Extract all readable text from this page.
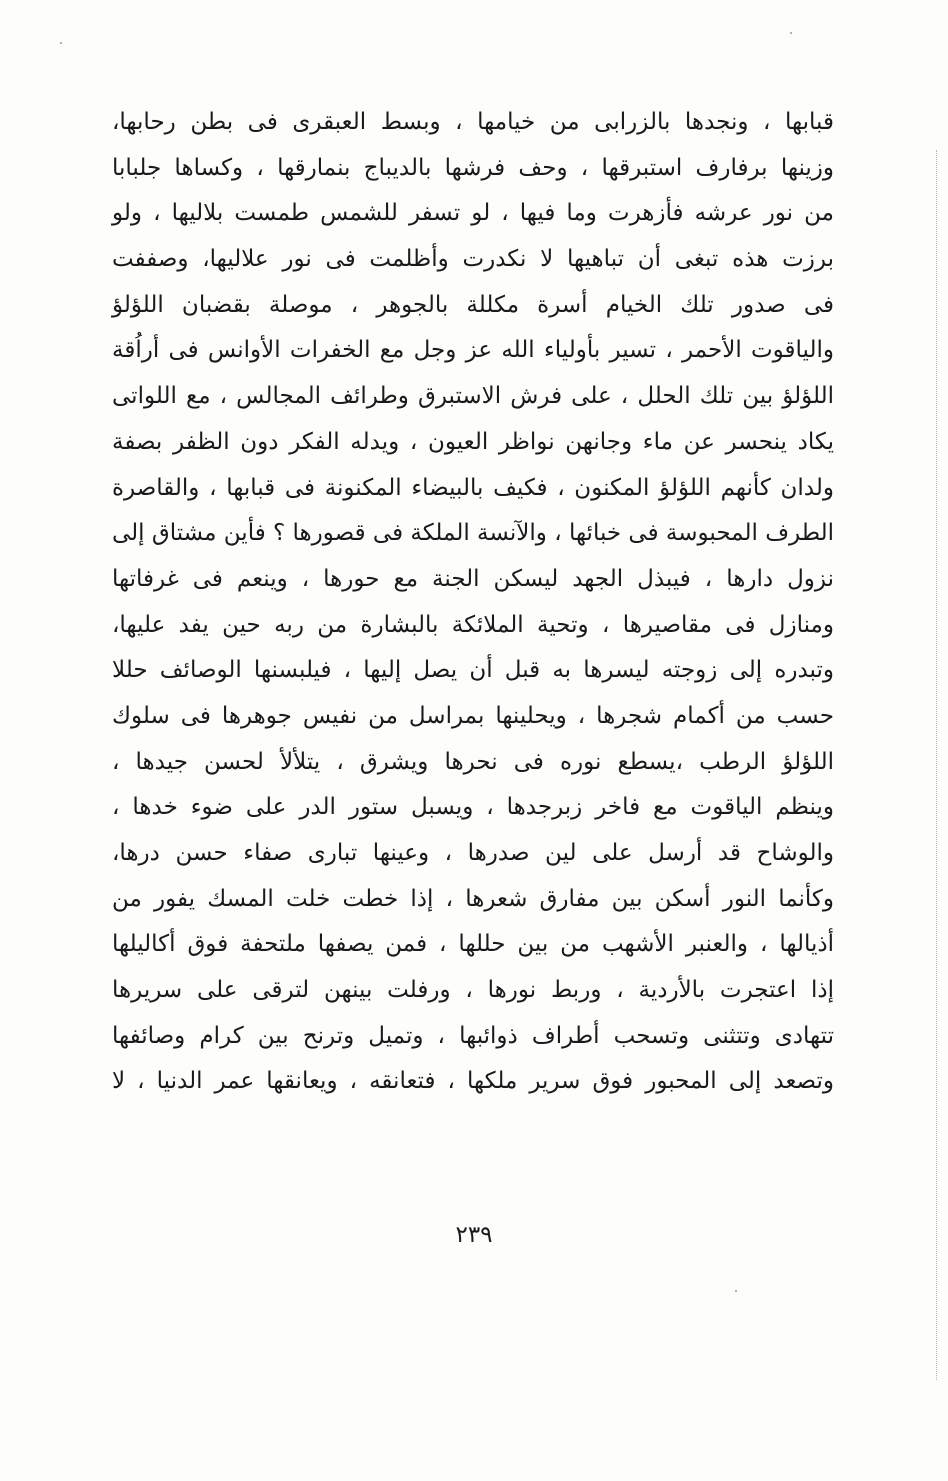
قبابها ، ونجدها بالزرابى من خيامها ، وبسط العبقرى فى بطن رحابها،
وزينها برفارف استبرقها ، وحف فرشها بالديباج بنمارقها ، وكساها جلبابا
من نور عرشه فأزهرت وما فيها ، لو تسفر للشمس طمست بلاليها ، ولو
برزت هذه تبغى أن تباهيها لا نكدرت وأظلمت فى نور علاليها، وصففت
فى صدور تلك الخيام أسرة مكللة بالجوهر ، موصلة بقضبان اللؤلؤ
والياقوت الأحمر ، تسير بأولياء الله عز وجل مع الخفرات الأوانس فى أراُقة
اللؤلؤ بين تلك الحلل ، على فرش الاستبرق وطرائف المجالس ، مع اللواتى
يكاد ينحسر عن ماء وجانهن نواظر العيون ، ويدله الفكر دون الظفر بصفة
ولدان كأنهم اللؤلؤ المكنون ، فكيف بالبيضاء المكنونة فى قبابها ، والقاصرة
الطرف المحبوسة فى خبائها ، والآنسة الملكة فى قصورها ؟ فأين مشتاق إلى
نزول دارها ، فيبذل الجهد ليسكن الجنة مع حورها ، وينعم فى غرفاتها
ومنازل فى مقاصيرها ، وتحية الملائكة بالبشارة من ربه حين يفد عليها،
وتبدره إلى زوجته ليسرها به قبل أن يصل إليها ، فيلبسنها الوصائف حللا
حسب من أكمام شجرها ، ويحلينها بمراسل من نفيس جوهرها فى سلوك
اللؤلؤ الرطب ،يسطع نوره فى نحرها ويشرق ، يتلألأ لحسن جيدها ،
وينظم الياقوت مع فاخر زبرجدها ، ويسبل ستور الدر على ضوء خدها ،
والوشاح قد أرسل على لين صدرها ، وعينها تبارى صفاء حسن درها،
وكأنما النور أسكن بين مفارق شعرها ، إذا خطت خلت المسك يفور من
أذيالها ، والعنبر الأشهب من بين حللها ، فمن يصفها ملتحفة فوق أكاليلها
إذا اعتجرت بالأردية ، وربط نورها ، ورفلت بينهن لترقى على سريرها
تتهادى وتتثنى وتسحب أطراف ذوائبها ، وتميل وترنح بين كرام وصائفها
وتصعد إلى المحبور فوق سرير ملكها ، فتعانقه ، ويعانقها عمر الدنيا ، لا
٢٣٩
